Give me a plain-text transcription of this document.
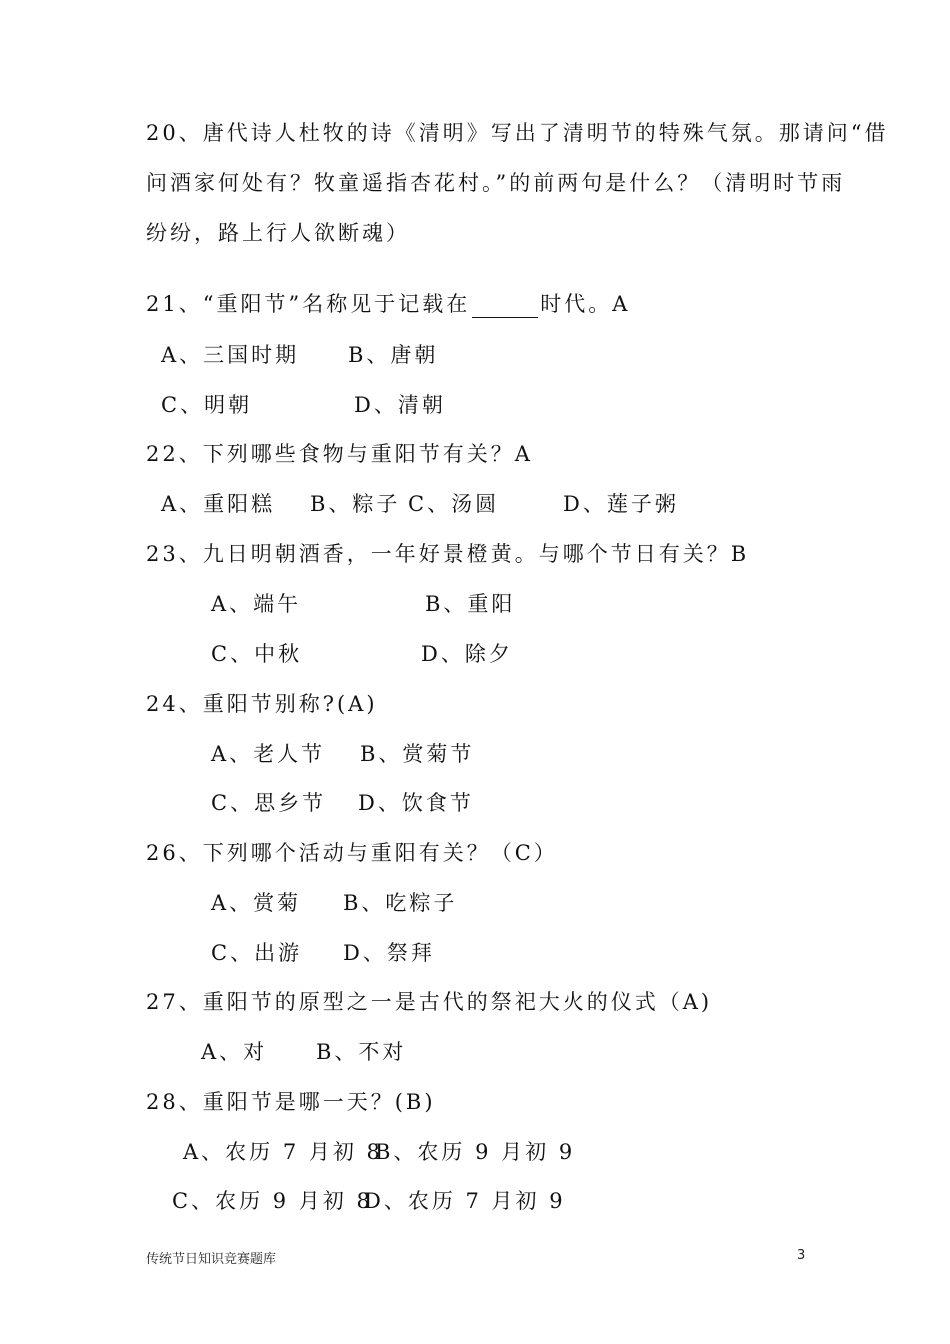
20、唐代诗人杜牧的诗《清明》写出了清明节的特殊气氛。那请问“借
问酒家何处有？牧童遥指杏花村。”的前两句是什么？（清明时节雨
纷纷，路上行人欲断魂）
21、“重阳节”名称见于记载在	时代。A
A、三国时期 B、唐朝
C、明朝	D、清朝
22、下列哪些食物与重阳节有关？A
A、重阳糕 B、粽子 C、汤圆	D、莲子粥
23、九日明朝酒香，一年好景橙黄。与哪个节日有关？B
A、端午	B、重阳
C、中秋	D、除夕
24、重阳节别称?(A)
A、老人节 B、赏菊节
C、思乡节 D、饮食节
26、下列哪个活动与重阳有关？（C）
A、赏菊 B、吃粽子
C、出游 D、祭拜
27、重阳节的原型之一是古代的祭祀大火的仪式（A)
A、对 B、不对
28、重阳节是哪一天？(B)
A、农历 7 月初 8
B、农历 9 月初 9
C、农历 9 月初 8
D、农历 7 月初 9
传统节日知识竞赛题库	3
